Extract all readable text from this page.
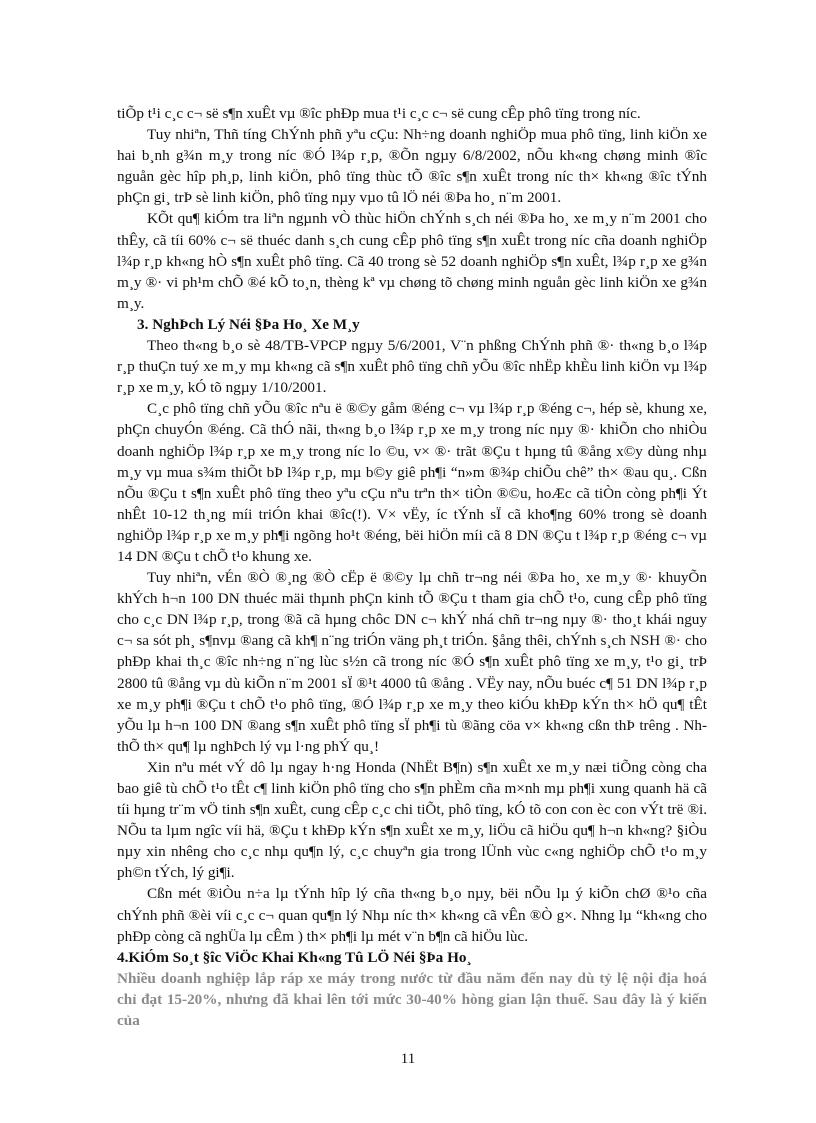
tiÕp t¹i c¸c c¬ së s¶n xuÊt vµ ®îc phÐp mua t¹i c¸c c¬ së cung cÊp phô tïng trong níc.

Tuy nhiªn, Thñ tíng ChÝnh phñ yªu cÇu: Nh÷ng doanh nghiÖp mua phô tïng, linh kiÖn xe hai b¸nh g¾n m¸y trong níc ®Ó l¾p r¸p, ®Õn ngµy 6/8/2002, nÕu kh«ng chøng minh ®îc nguån gèc hîp ph¸p, linh kiÖn, phô tïng thùc tÕ ®îc s¶n xuÊt trong níc th× kh«ng ®îc tÝnh phÇn gi¸ trÞ sè linh kiÖn, phô tïng nµy vµo tû lÖ néi ®Þa ho¸ n¨m 2001.

KÕt qu¶ kiÓm tra liªn ngµnh vÒ thùc hiÖn chÝnh s¸ch néi ®Þa ho¸ xe m¸y n¨m 2001 cho thÊy, cã tíi 60% c¬ së thuéc danh s¸ch cung cÊp phô tïng s¶n xuÊt trong níc cña doanh nghiÖp l¾p r¸p kh«ng hÒ s¶n xuÊt phô tïng. Cã 40 trong sè 52 doanh nghiÖp s¶n xuÊt, l¾p r¸p xe g¾n m¸y ®· vi ph¹m chÕ ®é kÕ to¸n, thèng kª vµ chøng tõ chøng minh nguån gèc linh kiÖn xe g¾n m¸y.

3. NghÞch Lý Néi §Þa Ho¸ Xe M¸y

Theo th«ng b¸o sè 48/TB-VPCP ngµy 5/6/2001, V¨n phßng ChÝnh phñ ®· th«ng b¸o l¾p r¸p thuÇn tuý xe m¸y mµ kh«ng cã s¶n xuÊt phô tïng chñ yÕu ®îc nhËp khÈu linh kiÖn vµ l¾p r¸p xe m¸y, kÓ tõ ngµy 1/10/2001.

C¸c phô tïng chñ yÕu ®îc nªu ë ®©y gåm ®éng c¬ vµ l¾p r¸p ®éng c¬, hép sè, khung xe, phÇn chuyÓn ®éng. Cã thÓ nãi, th«ng b¸o l¾p r¸p xe m¸y trong níc nµy ®· khiÕn cho nhiÒu doanh nghiÖp l¾p r¸p xe m¸y trong níc lo ©u, v× ®· trãt ®Çu t hµng tû ®ång x©y dùng nhµ m¸y vµ mua s¾m thiÕt bÞ l¾p r¸p, mµ b©y giê ph¶i “n»m ®¾p chiÕu chê” th× ®au qu¸. Cßn nÕu ®Çu t s¶n xuÊt phô tïng theo yªu cÇu nªu trªn th× tiÒn ®©u, hoÆc cã tiÒn còng ph¶i Ýt nhÊt 10-12 th¸ng míi triÓn khai ®îc(!). V× vËy, íc tÝnh sÏ cã kho¶ng 60% trong sè doanh nghiÖp l¾p r¸p xe m¸y ph¶i ngõng ho¹t ®éng, bëi hiÖn míi cã 8 DN ®Çu t l¾p r¸p ®éng c¬ vµ 14 DN ®Çu t chÕ t¹o khung xe.

Tuy nhiªn, vÉn ®Ò ®¸ng ®Ò cËp ë ®©y lµ chñ tr¬ng néi ®Þa ho¸ xe m¸y ®· khuyÕn khÝch h¬n 100 DN thuéc mäi thµnh phÇn kinh tÕ ®Çu t tham gia chÕ t¹o, cung cÊp phô tïng cho c¸c DN l¾p r¸p, trong ®ã cã hµng chôc DN c¬ khÝ nhá chñ tr¬ng nµy ®· tho¸t khái nguy c¬ sa sót ph¸ s¶nvµ ®ang cã kh¶ n¨ng triÓn väng ph¸t triÓn. §ång thêi, chÝnh s¸ch NSH ®· cho phÐp khai th¸c ®îc nh÷ng n¨ng lùc s½n cã trong níc ®Ó s¶n xuÊt phô tïng xe m¸y, t¹o gi¸ trÞ 2800 tû ®ång vµ dù kiÕn n¨m 2001 sÏ ®¹t 4000 tû ®ång . VËy nay, nÕu buéc c¶ 51 DN l¾p r¸p xe m¸y ph¶i ®Çu t chÕ t¹o phô tïng, ®Ó l¾p r¸p xe m¸y theo kiÓu khÐp kÝn th× hÖ qu¶ tÊt yÕu lµ h¬n 100 DN ®ang s¶n xuÊt phô tïng sÏ ph¶i tù ®ãng cöa v× kh«ng cßn thÞ trêng . Nh thÕ th× qu¶ lµ nghÞch lý vµ l·ng phÝ qu¸!

Xin nªu mét vÝ dô lµ ngay h·ng Honda (NhËt B¶n) s¶n xuÊt xe m¸y næi tiÕng còng cha bao giê tù chÕ t¹o tÊt c¶ linh kiÖn phô tïng cho s¶n phÈm cña m×nh mµ ph¶i xung quanh hä cã tíi hµng tr¨m vÖ tinh s¶n xuÊt, cung cÊp c¸c chi tiÕt, phô tïng, kÓ tõ con con èc con vÝt trë ®i. NÕu ta lµm ngîc víi hä, ®Çu t khÐp kÝn s¶n xuÊt xe m¸y, liÖu cã hiÖu qu¶ h¬n kh«ng? §iÒu nµy xin nhêng cho c¸c nhµ qu¶n lý, c¸c chuyªn gia trong lÜnh vùc c«ng nghiÖp chÕ t¹o m¸y ph©n tÝch, lý gi¶i.

Cßn mét ®iÒu n÷a lµ tÝnh hîp lý cña th«ng b¸o nµy, bëi nÕu lµ ý kiÕn chØ ®¹o cña chÝnh phñ ®èi víi c¸c c¬ quan qu¶n lý Nhµ níc th× kh«ng cã vÊn ®Ò g×. Nhng lµ “kh«ng cho phÐp còng cã nghÜa lµ cÊm ) th× ph¶i lµ mét v¨n b¶n cã hiÖu lùc.

4.KiÓm So¸t §îc ViÖc Khai Kh«ng Tû LÖ Néi §Þa Ho¸

Nhiều doanh nghiệp lắp ráp xe máy trong nước từ đầu năm đến nay dù tỷ lệ nội địa hoá chỉ đạt 15-20%, nhưng đã khai lên tới mức 30-40% hòng gian lận thuế. Sau đây là ý kiến của

11
